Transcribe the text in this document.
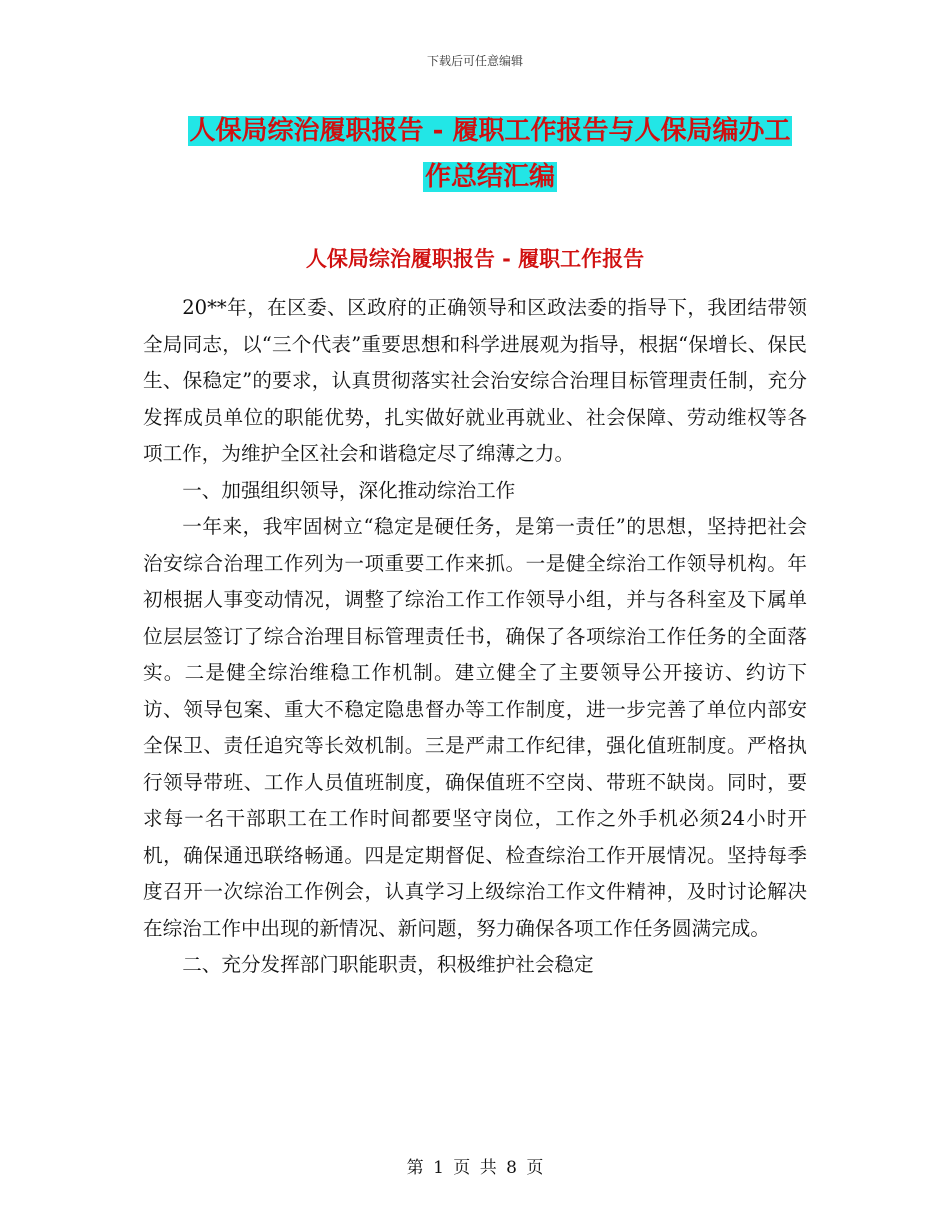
下载后可任意编辑
人保局综治履职报告 - 履职工作报告与人保局编办工
作总结汇编
人保局综治履职报告 - 履职工作报告

20**年，在区委、区政府的正确领导和区政法委的指导下，我团结带领全局同志，以“三个代表”重要思想和科学进展观为指导，根据“保增长、保民生、保稳定”的要求，认真贯彻落实社会治安综合治理目标管理责任制，充分发挥成员单位的职能优势，扎实做好就业再就业、社会保障、劳动维权等各项工作，为维护全区社会和谐稳定尽了绵薄之力。

一、加强组织领导，深化推动综治工作

一年来，我牢固树立“稳定是硬任务，是第一责任”的思想，坚持把社会治安综合治理工作列为一项重要工作来抓。一是健全综治工作领导机构。年初根据人事变动情况，调整了综治工作工作领导小组，并与各科室及下属单位层层签订了综合治理目标管理责任书，确保了各项综治工作任务的全面落实。二是健全综治维稳工作机制。建立健全了主要领导公开接访、约访下访、领导包案、重大不稳定隐患督办等工作制度，进一步完善了单位内部安全保卫、责任追究等长效机制。三是严肃工作纪律，强化值班制度。严格执行领导带班、工作人员值班制度，确保值班不空岗、带班不缺岗。同时，要求每一名干部职工在工作时间都要坚守岗位，工作之外手机必须24小时开机，确保通迅联络畅通。四是定期督促、检查综治工作开展情况。坚持每季度召开一次综治工作例会，认真学习上级综治工作文件精神，及时讨论解决在综治工作中出现的新情况、新问题，努力确保各项工作任务圆满完成。

二、充分发挥部门职能职责，积极维护社会稳定

第 1 页 共 8 页
